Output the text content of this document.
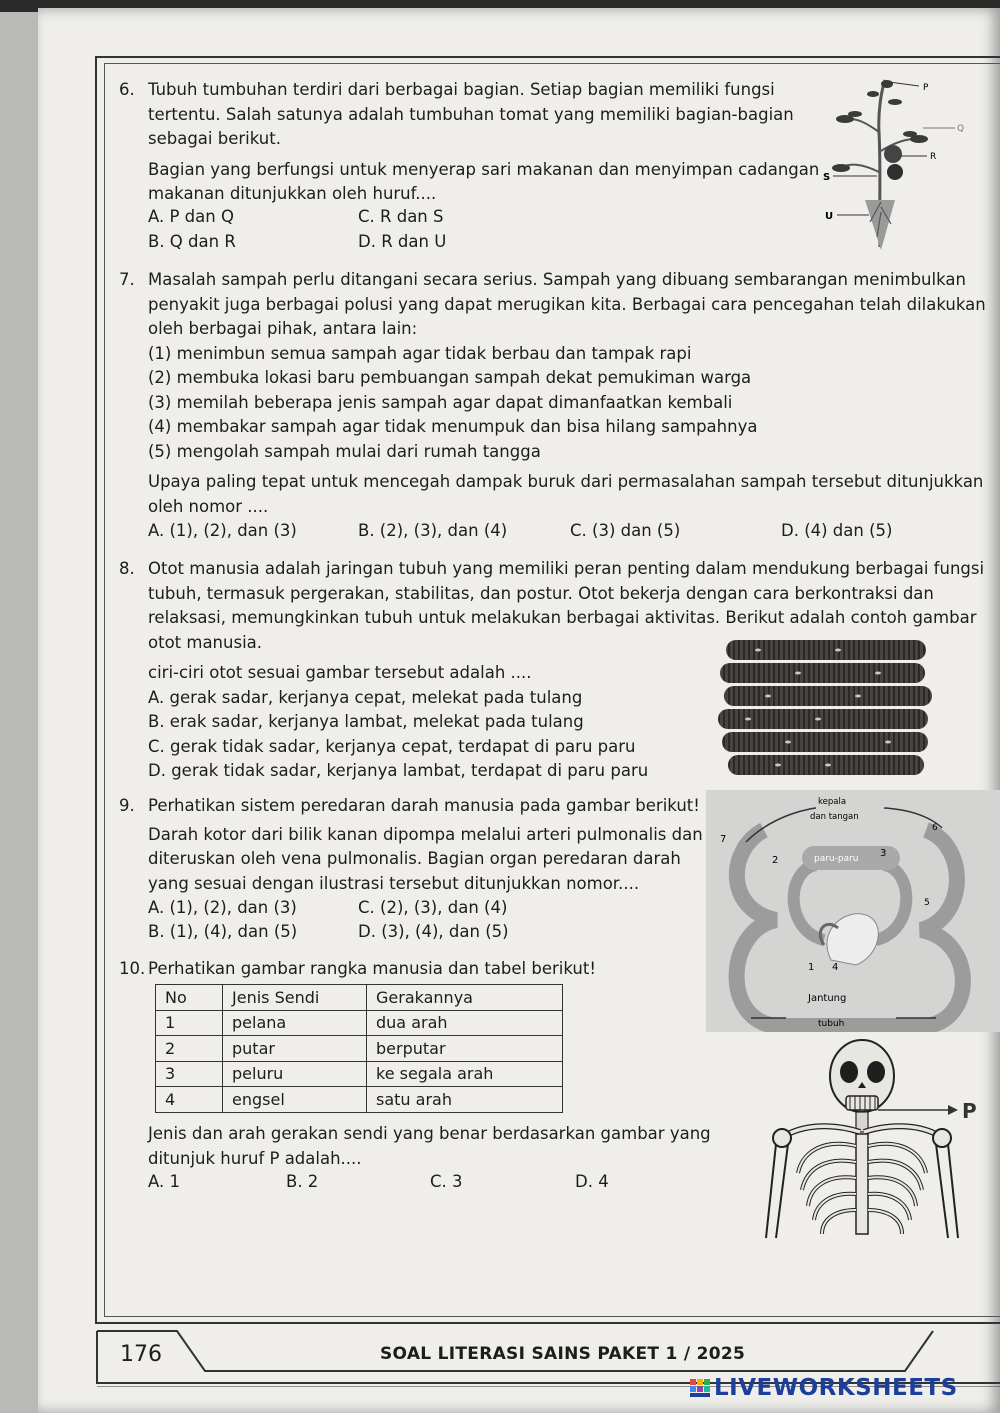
6. Tubuh tumbuhan terdiri dari berbagai bagian. Setiap bagian memiliki fungsi
tertentu. Salah satunya adalah tumbuhan tomat yang memiliki bagian-bagian
sebagai berikut.
Bagian yang berfungsi untuk menyerap sari makanan dan menyimpan cadangan
makanan ditunjukkan oleh huruf....
A. P dan Q	C. R dan S
B. Q dan R	D. R dan U
P
Q
R
S
U
7. Masalah sampah perlu ditangani secara serius. Sampah yang dibuang sembarangan menimbulkan
penyakit juga berbagai polusi yang dapat merugikan kita. Berbagai cara pencegahan telah dilakukan
oleh berbagai pihak, antara lain:
(1) menimbun semua sampah agar tidak berbau dan tampak rapi
(2) membuka lokasi baru pembuangan sampah dekat pemukiman warga
(3) memilah beberapa jenis sampah agar dapat dimanfaatkan kembali
(4) membakar sampah agar tidak menumpuk dan bisa hilang sampahnya
(5) mengolah sampah mulai dari rumah tangga
Upaya paling tepat untuk mencegah dampak buruk dari permasalahan sampah tersebut ditunjukkan
oleh nomor ....
A. (1), (2), dan (3)	B. (2), (3), dan (4)	C. (3) dan (5)	D. (4) dan (5)
8. Otot manusia adalah jaringan tubuh yang memiliki peran penting dalam mendukung berbagai fungsi
tubuh, termasuk pergerakan, stabilitas, dan postur. Otot bekerja dengan cara berkontraksi dan
relaksasi, memungkinkan tubuh untuk melakukan berbagai aktivitas. Berikut adalah contoh gambar
otot manusia.
ciri-ciri otot sesuai gambar tersebut adalah ....
A. gerak sadar, kerjanya cepat, melekat pada tulang
B. erak sadar, kerjanya lambat, melekat pada tulang
C. gerak tidak sadar, kerjanya cepat, terdapat di paru paru
D. gerak tidak sadar, kerjanya lambat, terdapat di paru paru
9. Perhatikan sistem peredaran darah manusia pada gambar berikut!
Darah kotor dari bilik kanan dipompa melalui arteri pulmonalis dan
diteruskan oleh vena pulmonalis. Bagian organ peredaran darah
yang sesuai dengan ilustrasi tersebut ditunjukkan nomor....
A. (1), (2), dan (3)	C. (2), (3), dan (4)
B. (1), (4), dan (5)	D. (3), (4), dan (5)
kepala
dan tangan
paru-paru
Jantung
tubuh
1
2
3
4
5
6
7
10. Perhatikan gambar rangka manusia dan tabel berikut!
No	Jenis Sendi	Gerakannya
1	pelana	dua arah
2	putar	berputar
3	peluru	ke segala arah
4	engsel	satu arah
Jenis dan arah gerakan sendi yang benar berdasarkan gambar yang
ditunjuk huruf P adalah....
A. 1	B. 2	C. 3	D. 4
P
176	SOAL LITERASI SAINS PAKET 1 / 2025
LIVEWORKSHEETS
